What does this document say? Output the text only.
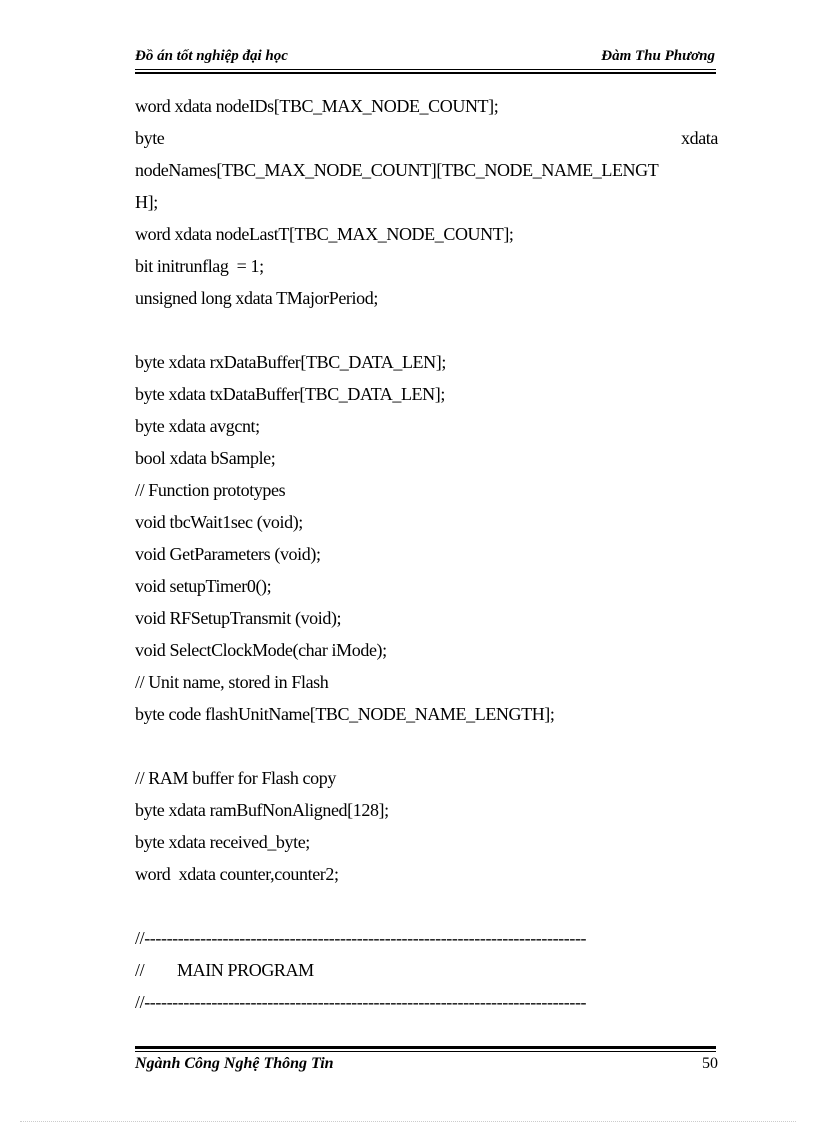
Đồ án tốt nghiệp đại học	Đàm Thu Phương
word xdata nodeIDs[TBC_MAX_NODE_COUNT];
byte	xdata
nodeNames[TBC_MAX_NODE_COUNT][TBC_NODE_NAME_LENGT
H];
word xdata nodeLastT[TBC_MAX_NODE_COUNT];
bit initrunflag  = 1;
unsigned long xdata TMajorPeriod;
byte xdata rxDataBuffer[TBC_DATA_LEN];
byte xdata txDataBuffer[TBC_DATA_LEN];
byte xdata avgcnt;
bool xdata bSample;
// Function prototypes
void tbcWait1sec (void);
void GetParameters (void);
void setupTimer0();
void RFSetupTransmit (void);
void SelectClockMode(char iMode);
// Unit name, stored in Flash
byte code flashUnitName[TBC_NODE_NAME_LENGTH];
// RAM buffer for Flash copy
byte xdata ramBufNonAligned[128];
byte xdata received_byte;
word  xdata counter,counter2;
//-------------------------------------------------------------------------------
//        MAIN PROGRAM
//-------------------------------------------------------------------------------
Ngành Công Nghệ Thông Tin	50
